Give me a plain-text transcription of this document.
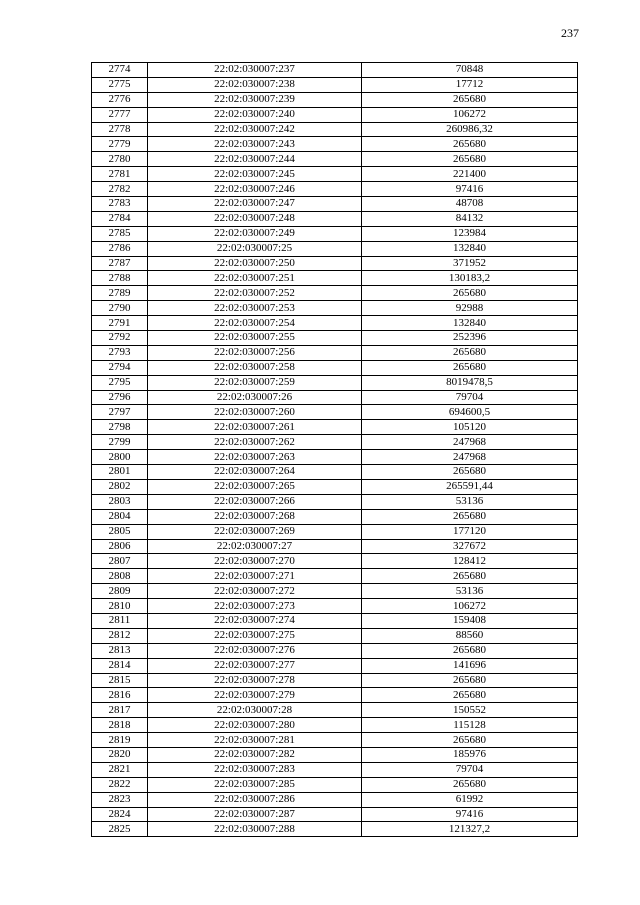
237
2774	22:02:030007:237	70848
2775	22:02:030007:238	17712
2776	22:02:030007:239	265680
2777	22:02:030007:240	106272
2778	22:02:030007:242	260986,32
2779	22:02:030007:243	265680
2780	22:02:030007:244	265680
2781	22:02:030007:245	221400
2782	22:02:030007:246	97416
2783	22:02:030007:247	48708
2784	22:02:030007:248	84132
2785	22:02:030007:249	123984
2786	22:02:030007:25	132840
2787	22:02:030007:250	371952
2788	22:02:030007:251	130183,2
2789	22:02:030007:252	265680
2790	22:02:030007:253	92988
2791	22:02:030007:254	132840
2792	22:02:030007:255	252396
2793	22:02:030007:256	265680
2794	22:02:030007:258	265680
2795	22:02:030007:259	8019478,5
2796	22:02:030007:26	79704
2797	22:02:030007:260	694600,5
2798	22:02:030007:261	105120
2799	22:02:030007:262	247968
2800	22:02:030007:263	247968
2801	22:02:030007:264	265680
2802	22:02:030007:265	265591,44
2803	22:02:030007:266	53136
2804	22:02:030007:268	265680
2805	22:02:030007:269	177120
2806	22:02:030007:27	327672
2807	22:02:030007:270	128412
2808	22:02:030007:271	265680
2809	22:02:030007:272	53136
2810	22:02:030007:273	106272
2811	22:02:030007:274	159408
2812	22:02:030007:275	88560
2813	22:02:030007:276	265680
2814	22:02:030007:277	141696
2815	22:02:030007:278	265680
2816	22:02:030007:279	265680
2817	22:02:030007:28	150552
2818	22:02:030007:280	115128
2819	22:02:030007:281	265680
2820	22:02:030007:282	185976
2821	22:02:030007:283	79704
2822	22:02:030007:285	265680
2823	22:02:030007:286	61992
2824	22:02:030007:287	97416
2825	22:02:030007:288	121327,2
